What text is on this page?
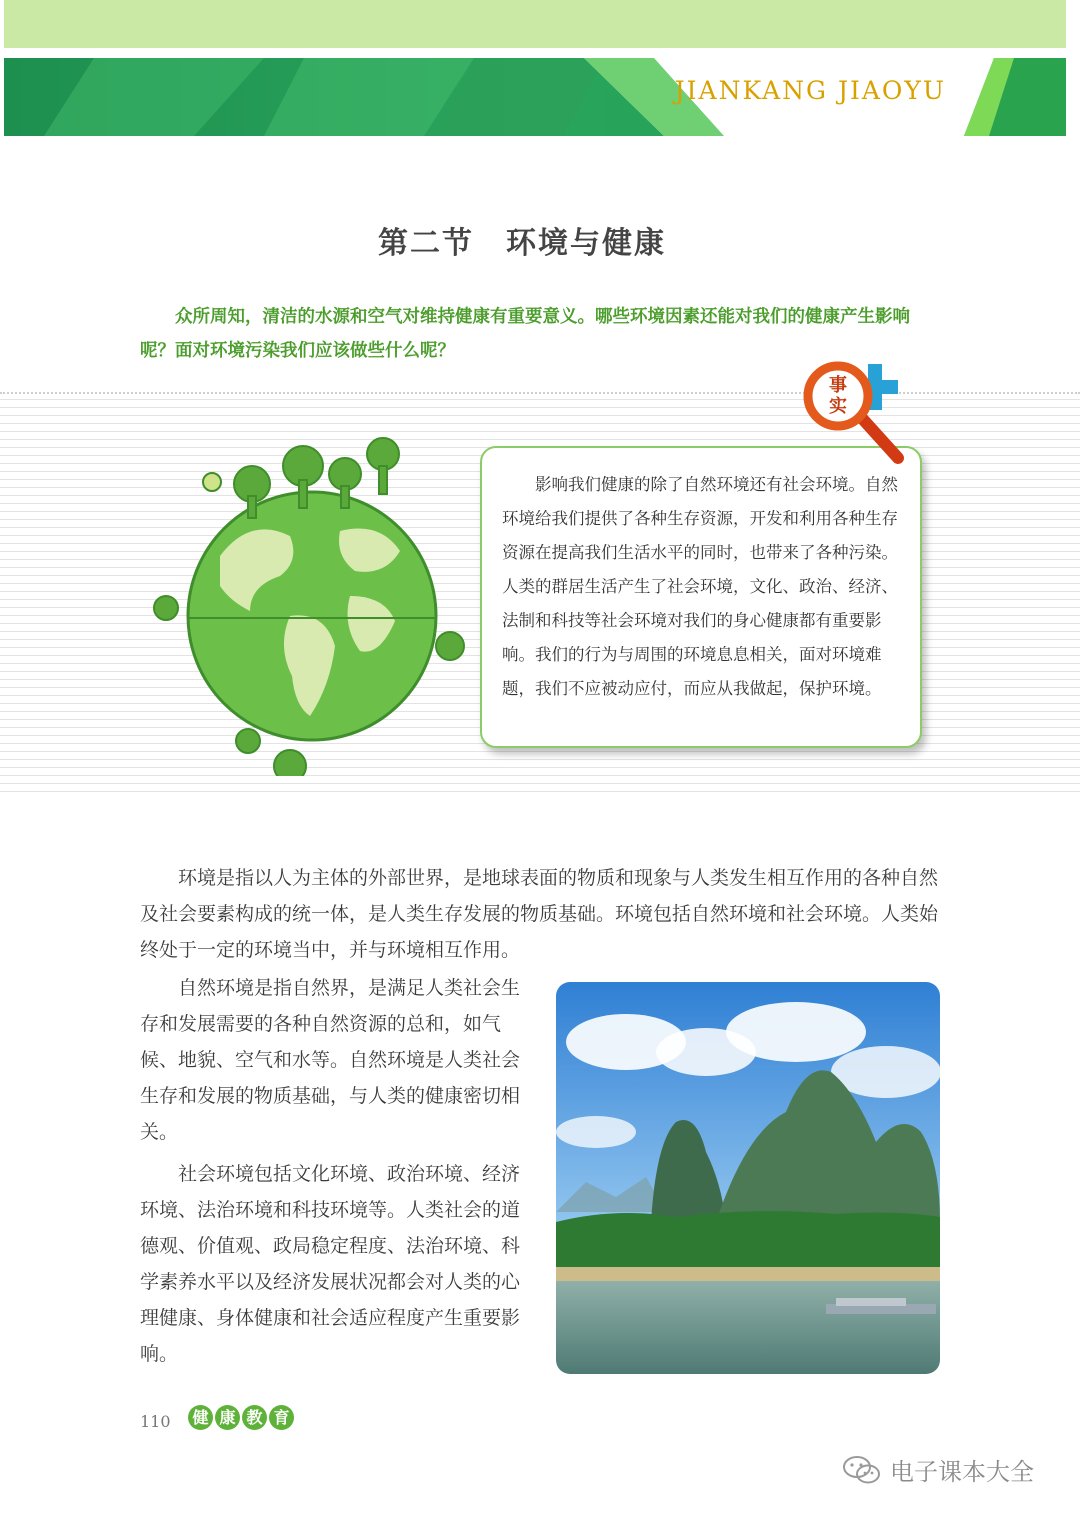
JIANKANG JIAOYU
第二节　环境与健康

众所周知，清洁的水源和空气对维持健康有重要意义。哪些环境因素还能对我们的健康产生影响呢？面对环境污染我们应该做些什么呢？

影响我们健康的除了自然环境还有社会环境。自然环境给我们提供了各种生存资源，开发和利用各种生存资源在提高我们生活水平的同时，也带来了各种污染。人类的群居生活产生了社会环境，文化、政治、经济、法制和科技等社会环境对我们的身心健康都有重要影响。我们的行为与周围的环境息息相关，面对环境难题，我们不应被动应付，而应从我做起，保护环境。

事
实

环境是指以人为主体的外部世界，是地球表面的物质和现象与人类发生相互作用的各种自然及社会要素构成的统一体，是人类生存发展的物质基础。环境包括自然环境和社会环境。人类始终处于一定的环境当中，并与环境相互作用。

自然环境是指自然界，是满足人类社会生存和发展需要的各种自然资源的总和，如气候、地貌、空气和水等。自然环境是人类社会生存和发展的物质基础，与人类的健康密切相关。

社会环境包括文化环境、政治环境、经济环境、法治环境和科技环境等。人类社会的道德观、价值观、政局稳定程度、法治环境、科学素养水平以及经济发展状况都会对人类的心理健康、身体健康和社会适应程度产生重要影响。

110 健 康 教 育
电子课本大全
